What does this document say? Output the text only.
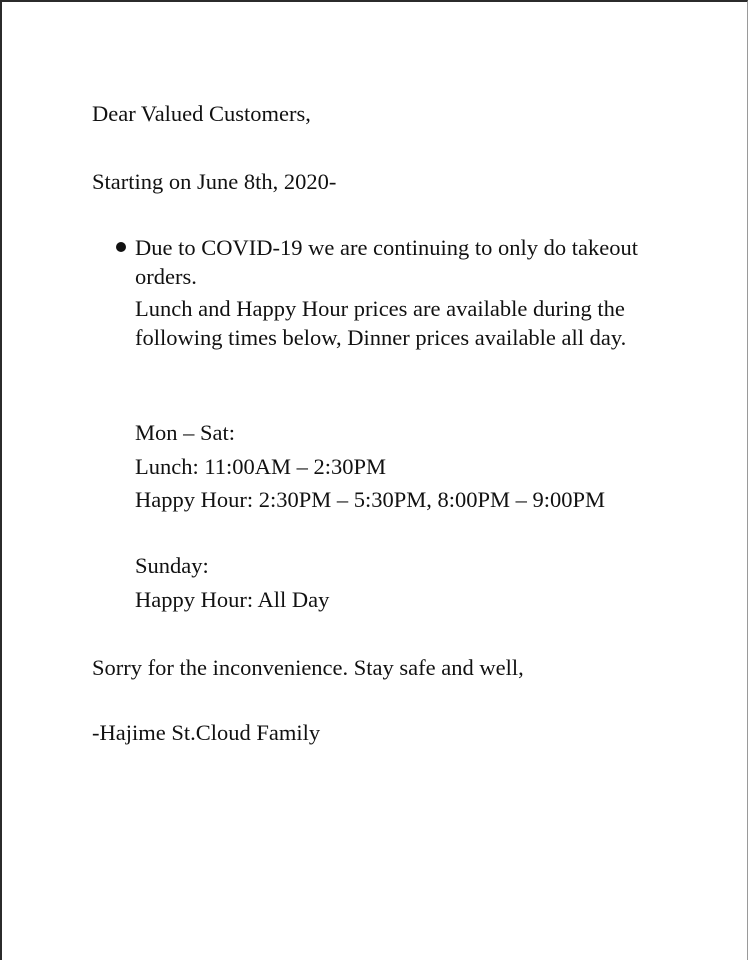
Dear Valued Customers,
Starting on June 8th, 2020-
Due to COVID-19 we are continuing to only do takeout orders.
Lunch and Happy Hour prices are available during the following times below, Dinner prices available all day.
Mon – Sat:
Lunch: 11:00AM – 2:30PM
Happy Hour: 2:30PM – 5:30PM, 8:00PM – 9:00PM
Sunday:
Happy Hour: All Day
Sorry for the inconvenience. Stay safe and well,
-Hajime St.Cloud Family
